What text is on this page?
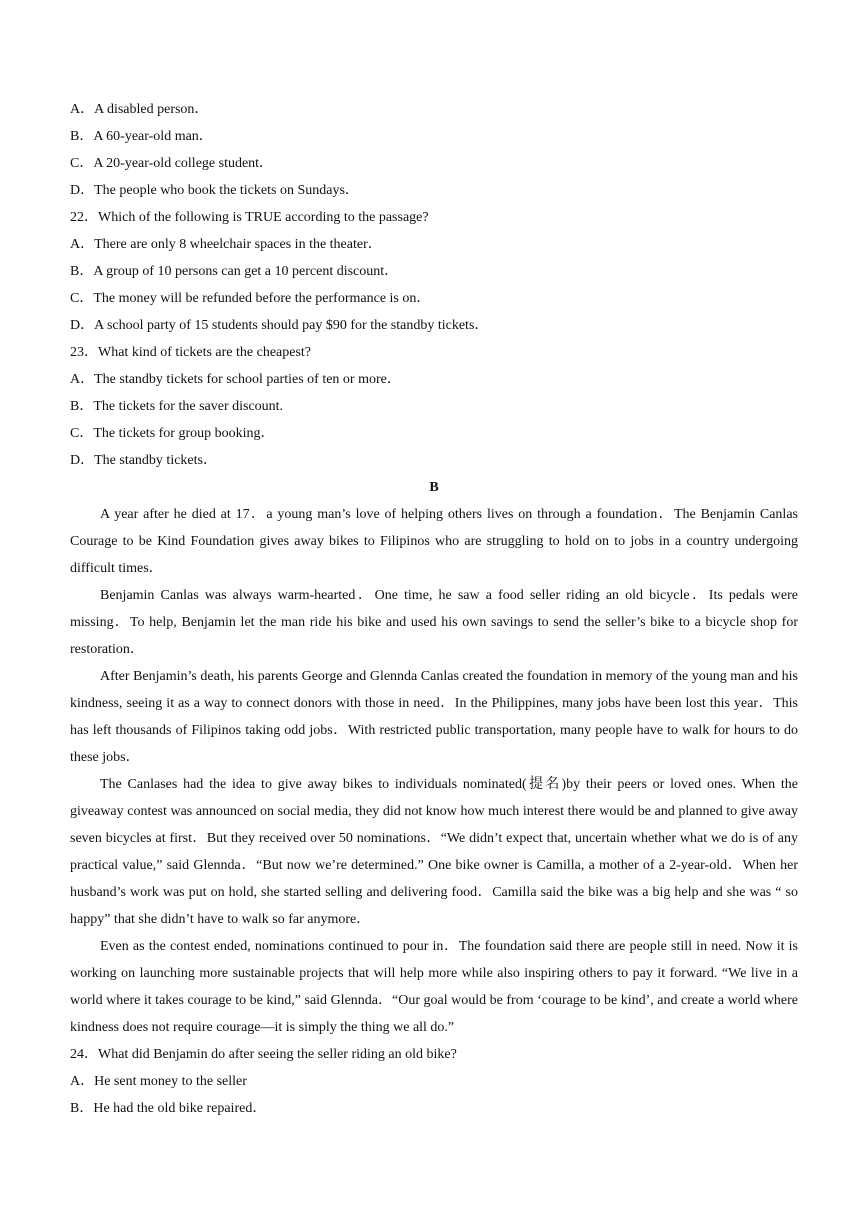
A．A disabled person．
B．A 60-year-old man．
C．A 20-year-old college student．
D．The people who book the tickets on Sundays．
22．Which of the following is TRUE according to the passage?
A．There are only 8 wheelchair spaces in the theater．
B．A group of 10 persons can get a 10 percent discount．
C．The money will be refunded before the performance is on．
D．A school party of 15 students should pay $90 for the standby tickets．
23．What kind of tickets are the cheapest?
A．The standby tickets for school parties of ten or more．
B．The tickets for the saver discount.
C．The tickets for group booking．
D．The standby tickets．
B

A year after he died at 17．a young man’s love of helping others lives on through a foundation．The Benjamin Canlas Courage to be Kind Foundation gives away bikes to Filipinos who are struggling to hold on to jobs in a country undergoing difficult times．

Benjamin Canlas was always warm-hearted．One time, he saw a food seller riding an old bicycle．Its pedals were missing．To help, Benjamin let the man ride his bike and used his own savings to send the seller’s bike to a bicycle shop for restoration．

After Benjamin’s death, his parents George and Glennda Canlas created the foundation in memory of the young man and his kindness, seeing it as a way to connect donors with those in need．In the Philippines, many jobs have been lost this year．This has left thousands of Filipinos taking odd jobs．With restricted public transportation, many people have to walk for hours to do these jobs．

The Canlases had the idea to give away bikes to individuals nominated(提名)by their peers or loved ones. When the giveaway contest was announced on social media, they did not know how much interest there would be and planned to give away seven bicycles at first．But they received over 50 nominations．“We didn’t expect that, uncertain whether what we do is of any practical value,” said Glennda．“But now we’re determined.” One bike owner is Camilla, a mother of a 2-year-old．When her husband’s work was put on hold, she started selling and delivering food．Camilla said the bike was a big help and she was “ so happy” that she didn’t have to walk so far anymore．

Even as the contest ended, nominations continued to pour in．The foundation said there are people still in need. Now it is working on launching more sustainable projects that will help more while also inspiring others to pay it forward. “We live in a world where it takes courage to be kind,” said Glennda．“Our goal would be from ‘courage to be kind’, and create a world where kindness does not require courage—it is simply the thing we all do.”

24．What did Benjamin do after seeing the seller riding an old bike?
A．He sent money to the seller
B．He had the old bike repaired．
